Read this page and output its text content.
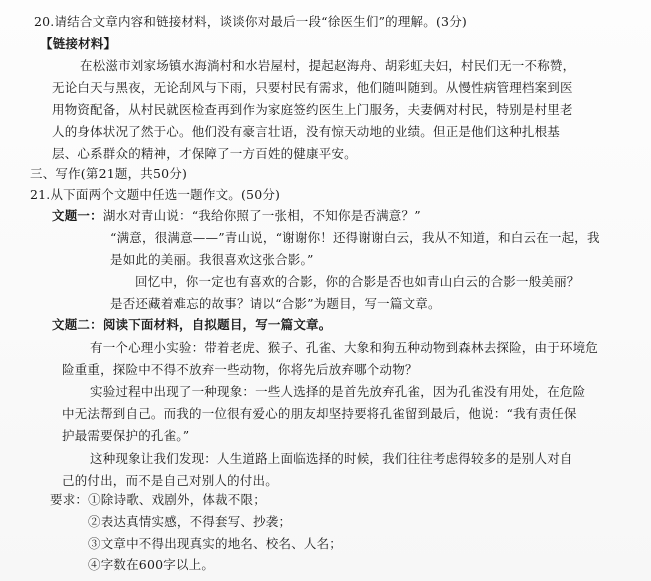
20.请结合文章内容和链接材料，谈谈你对最后一段“徐医生们”的理解。(3分)
【链接材料】
在松滋市刘家场镇水海淌村和水岩屋村，提起赵海舟、胡彩虹夫妇，村民们无一不称赞，
无论白天与黑夜，无论刮风与下雨，只要村民有需求，他们随叫随到。从慢性病管理档案到医
用物资配备，从村民就医检查再到作为家庭签约医生上门服务，夫妻俩对村民，特别是村里老
人的身体状况了然于心。他们没有豪言壮语，没有惊天动地的业绩。但正是他们这种扎根基
层、心系群众的精神，才保障了一方百姓的健康平安。
三、写作(第21题，共50分)
21.从下面两个文题中任选一题作文。(50分)
文题一：湖水对青山说：“我给你照了一张相，不知你是否满意？”
“满意，很满意——”青山说，“谢谢你！还得谢谢白云，我从不知道，和白云在一起，我
是如此的美丽。我很喜欢这张合影。”
回忆中，你一定也有喜欢的合影，你的合影是否也如青山白云的合影一般美丽？
是否还藏着难忘的故事？请以“合影”为题目，写一篇文章。
文题二：阅读下面材料，自拟题目，写一篇文章。
有一个心理小实验：带着老虎、猴子、孔雀、大象和狗五种动物到森林去探险，由于环境危
险重重，探险中不得不放弃一些动物，你将先后放弃哪个动物？
实验过程中出现了一种现象：一些人选择的是首先放弃孔雀，因为孔雀没有用处，在危险
中无法帮到自己。而我的一位很有爱心的朋友却坚持要将孔雀留到最后，他说：“我有责任保
护最需要保护的孔雀。”
这种现象让我们发现：人生道路上面临选择的时候，我们往往考虑得较多的是别人对自
己的付出，而不是自己对别人的付出。
要求：①除诗歌、戏剧外，体裁不限；
②表达真情实感，不得套写、抄袭；
③文章中不得出现真实的地名、校名、人名；
④字数在600字以上。
